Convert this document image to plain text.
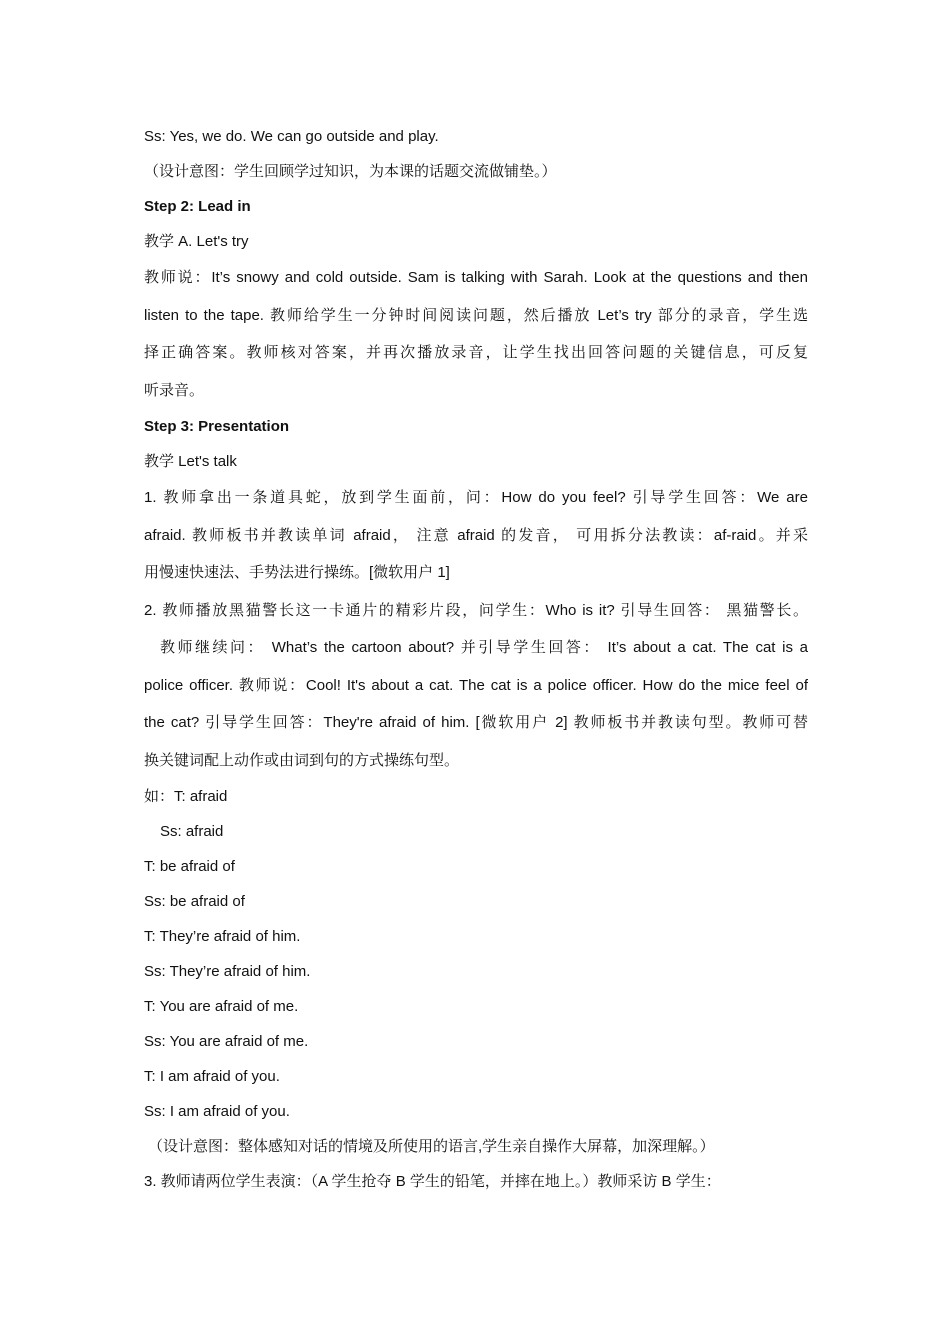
Ss: Yes, we do. We can go outside and play.
（设计意图：学生回顾学过知识，为本课的话题交流做铺垫。）
Step 2: Lead in
教学 A. Let's try
教师说：It’s snowy and cold outside. Sam is talking with Sarah. Look at the questions and then
listen to the tape. 教师给学生一分钟时间阅读问题，然后播放 Let’s try 部分的录音，学生选
择正确答案。教师核对答案，并再次播放录音，让学生找出回答问题的关键信息，可反复
听录音。
Step 3: Presentation
教学 Let's talk
1. 教师拿出一条道具蛇，放到学生面前，问：How do you feel? 引导学生回答：We are
afraid. 教师板书并教读单词 afraid， 注意 afraid 的发音， 可用拆分法教读：af-raid。并采
用慢速快速法、手势法进行操练。[微软用户 1]
2. 教师播放黑猫警长这一卡通片的精彩片段，问学生：Who is it? 引导生回答： 黑猫警长。
教师继续问： What’s the cartoon about? 并引导学生回答： It’s about a cat. The cat is a
police officer. 教师说：Cool! It's about a cat. The cat is a police officer. How do the mice feel of
the cat? 引导学生回答：They're afraid of him. [微软用户 2] 教师板书并教读句型。教师可替
换关键词配上动作或由词到句的方式操练句型。
如：T: afraid
Ss: afraid
T: be afraid of
Ss: be afraid of
T: They’re afraid of him.
Ss: They’re afraid of him.
T: You are afraid of me.
Ss: You are afraid of me.
T: I am afraid of you.
Ss: I am afraid of you.
（设计意图：整体感知对话的情境及所使用的语言,学生亲自操作大屏幕，加深理解。）
3. 教师请两位学生表演：（A 学生抢夺 B 学生的铅笔，并摔在地上。）教师采访 B 学生：
